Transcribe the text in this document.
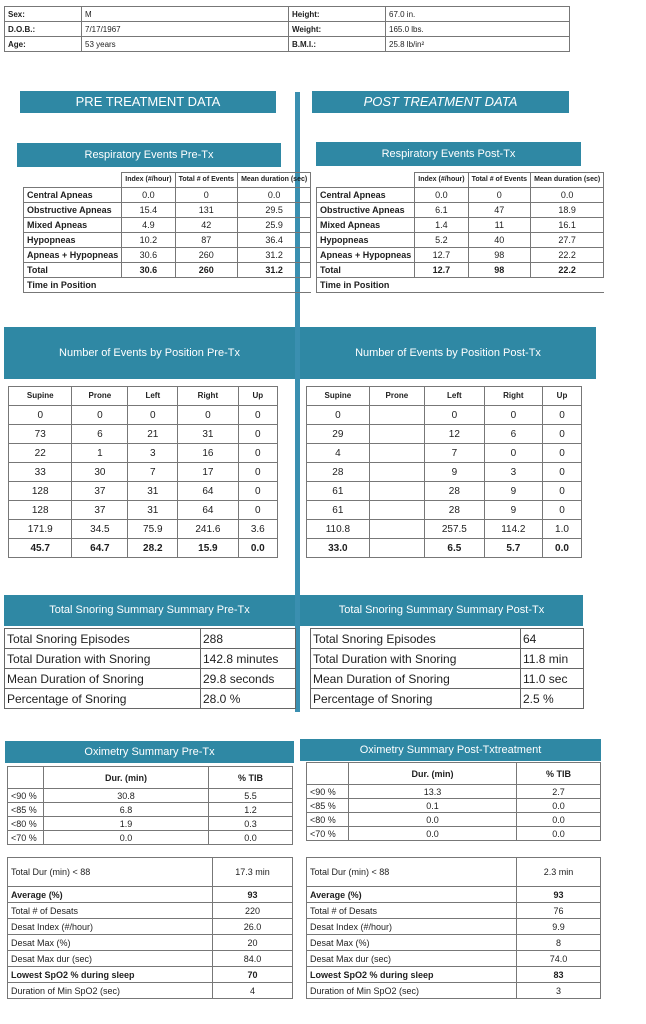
Sex:	M	Height:	67.0 in.
D.O.B.:	7/17/1967	Weight:	165.0 lbs.
Age:	53 years	B.M.I.:	25.8 lb/in²
PRE TREATMENT DATA	POST TREATMENT DATA
Respiratory Events Pre-Tx
	Index (#/hour)	Total # of Events	Mean duration (sec)
Central Apneas	0.0	0	0.0
Obstructive Apneas	15.4	131	29.5
Mixed Apneas	4.9	42	25.9
Hypopneas	10.2	87	36.4
Apneas + Hypopneas	30.6	260	31.2
Total	30.6	260	31.2
Time in Position			
Respiratory Events Post-Tx
	Index (#/hour)	Total # of Events	Mean duration (sec)
Central Apneas	0.0	0	0.0
Obstructive Apneas	6.1	47	18.9
Mixed Apneas	1.4	11	16.1
Hypopneas	5.2	40	27.7
Apneas + Hypopneas	12.7	98	22.2
Total	12.7	98	22.2
Time in Position			
Number of Events by Position Pre-Tx
Supine	Prone	Left	Right	Up
0	0	0	0	0
73	6	21	31	0
22	1	3	16	0
33	30	7	17	0
128	37	31	64	0
128	37	31	64	0
171.9	34.5	75.9	241.6	3.6
45.7	64.7	28.2	15.9	0.0
Number of Events by Position Post-Tx
Supine	Prone	Left	Right	Up
0		0	0	0
29		12	6	0
4		7	0	0
28		9	3	0
61		28	9	0
61		28	9	0
110.8		257.5	114.2	1.0
33.0		6.5	5.7	0.0
Total Snoring Summary Summary Pre-Tx
Total Snoring Episodes	288
Total Duration with Snoring	142.8 minutes
Mean Duration of Snoring	29.8 seconds
Percentage of Snoring	28.0 %
Total Snoring Summary Summary Post-Tx
Total Snoring Episodes	64
Total Duration with Snoring	11.8 min
Mean Duration of Snoring	11.0 sec
Percentage of Snoring	2.5 %
Oximetry Summary Pre-Tx
	Dur. (min)	% TIB
<90 %	30.8	5.5
<85 %	6.8	1.2
<80 %	1.9	0.3
<70 %	0.0	0.0
Total Dur (min) < 88	17.3 min
Average (%)	93
Total # of Desats	220
Desat Index (#/hour)	26.0
Desat Max (%)	20
Desat Max dur (sec)	84.0
Lowest SpO2 % during sleep	70
Duration of Min SpO2 (sec)	4
Oximetry Summary Post-Txtreatment
	Dur. (min)	% TIB
<90 %	13.3	2.7
<85 %	0.1	0.0
<80 %	0.0	0.0
<70 %	0.0	0.0
Total Dur (min) < 88	2.3 min
Average (%)	93
Total # of Desats	76
Desat Index (#/hour)	9.9
Desat Max (%)	8
Desat Max dur (sec)	74.0
Lowest SpO2 % during sleep	83
Duration of Min SpO2 (sec)	3
